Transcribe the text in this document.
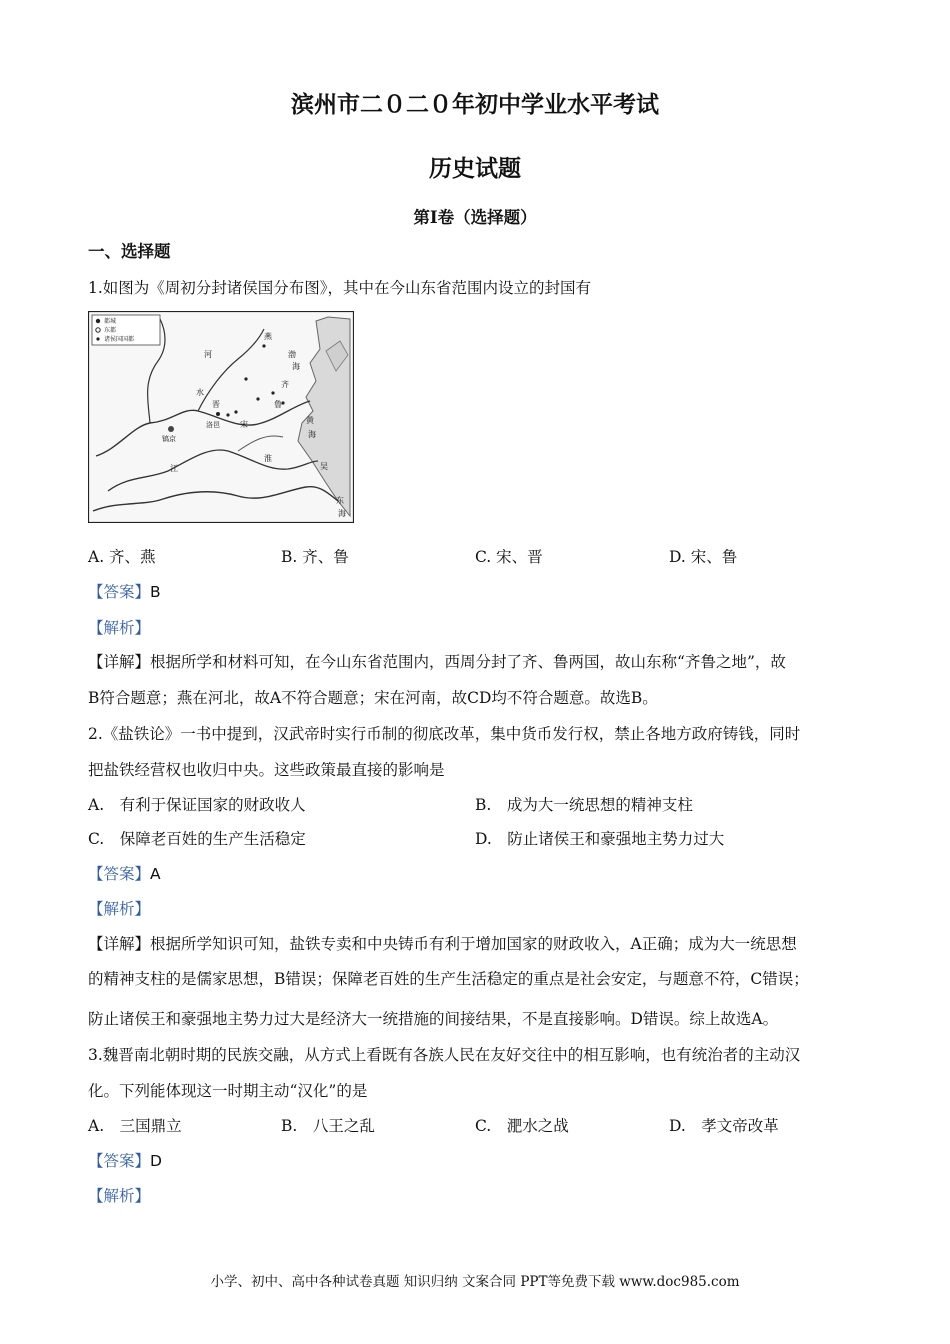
滨州市二０二０年初中学业水平考试
历史试题
第Ⅰ卷（选择题）
一、选择题
1.如图为《周初分封诸侯国分布图》，其中在今山东省范围内设立的封国有
都城
东都
诸侯国国都	燕
渤
海
齐
鲁
晋
宋
洛邑
镐京
黄
海
吴
东
海
河
水
淮
江
A. 齐、燕	B. 齐、鲁	C. 宋、晋	D. 宋、鲁
【答案】B
【解析】
【详解】根据所学和材料可知，在今山东省范围内，西周分封了齐、鲁两国，故山东称“齐鲁之地”，故
B符合题意；燕在河北，故A不符合题意；宋在河南，故CD均不符合题意。故选B。
2.《盐铁论》一书中提到，汉武帝时实行币制的彻底改革，集中货币发行权，禁止各地方政府铸钱，同时
把盐铁经营权也收归中央。这些政策最直接的影响是
A.　有利于保证国家的财政收人	B.　成为大一统思想的精神支柱
C.　保障老百姓的生产生活稳定	D.　防止诸侯王和豪强地主势力过大
【答案】A
【解析】
【详解】根据所学知识可知，盐铁专卖和中央铸币有利于增加国家的财政收入，A正确；成为大一统思想
的精神支柱的是儒家思想，B错误；保障老百姓的生产生活稳定的重点是社会安定，与题意不符，C错误；
防止诸侯王和豪强地主势力过大是经济大一统措施的间接结果，不是直接影响。D错误。综上故选A。
3.魏晋南北朝时期的民族交融，从方式上看既有各族人民在友好交往中的相互影响，也有统治者的主动汉
化。下列能体现这一时期主动“汉化”的是
A.　三国鼎立	B.　八王之乱	C.　淝水之战	D.　孝文帝改革
【答案】D
【解析】
小学、初中、高中各种试卷真题 知识归纳 文案合同 PPT等免费下载 www.doc985.com
